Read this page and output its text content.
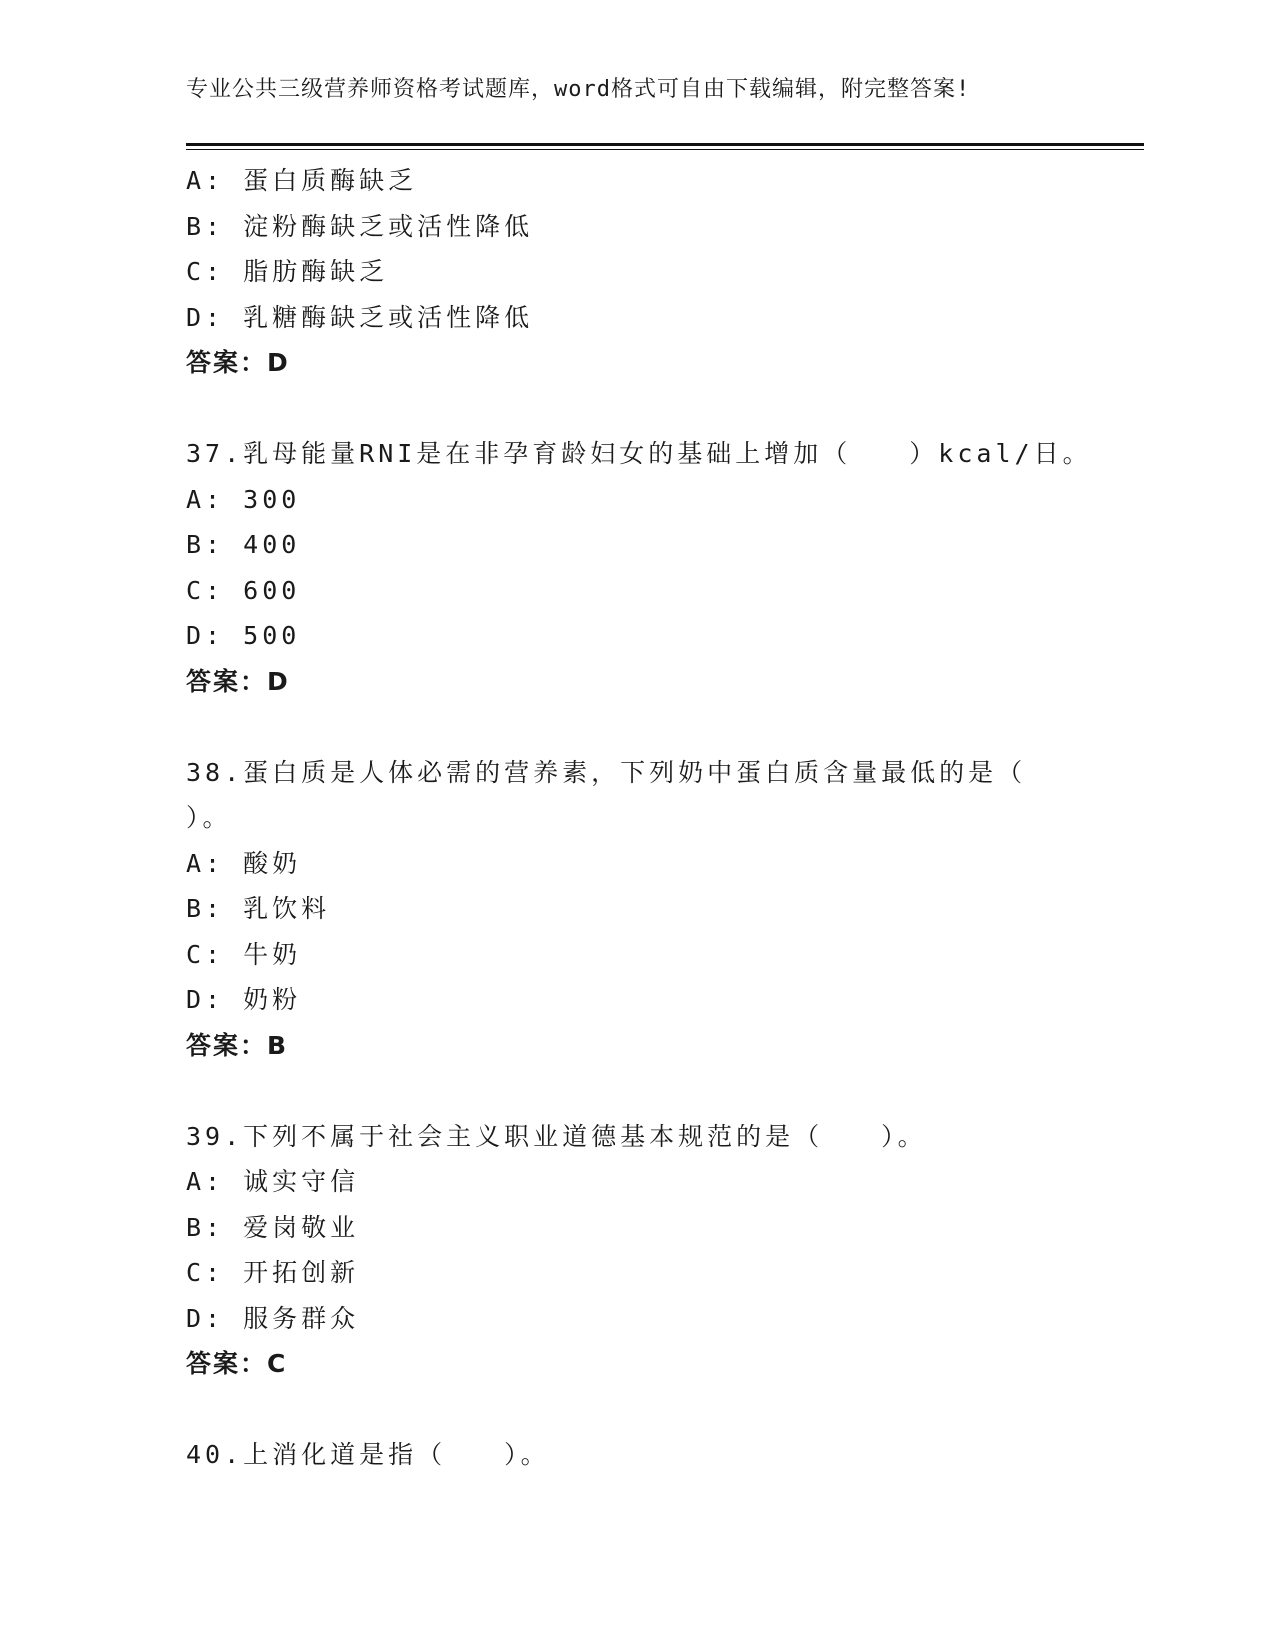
专业公共三级营养师资格考试题库，word格式可自由下载编辑，附完整答案!
A: 蛋白质酶缺乏
B: 淀粉酶缺乏或活性降低
C: 脂肪酶缺乏
D: 乳糖酶缺乏或活性降低
答案：D
37.乳母能量RNI是在非孕育龄妇女的基础上增加（　　）kcal/日。
A: 300
B: 400
C: 600
D: 500
答案：D
38.蛋白质是人体必需的营养素，下列奶中蛋白质含量最低的是（
）。
A: 酸奶
B: 乳饮料
C: 牛奶
D: 奶粉
答案：B
39.下列不属于社会主义职业道德基本规范的是（　　）。
A: 诚实守信
B: 爱岗敬业
C: 开拓创新
D: 服务群众
答案：C
40.上消化道是指（　　）。
